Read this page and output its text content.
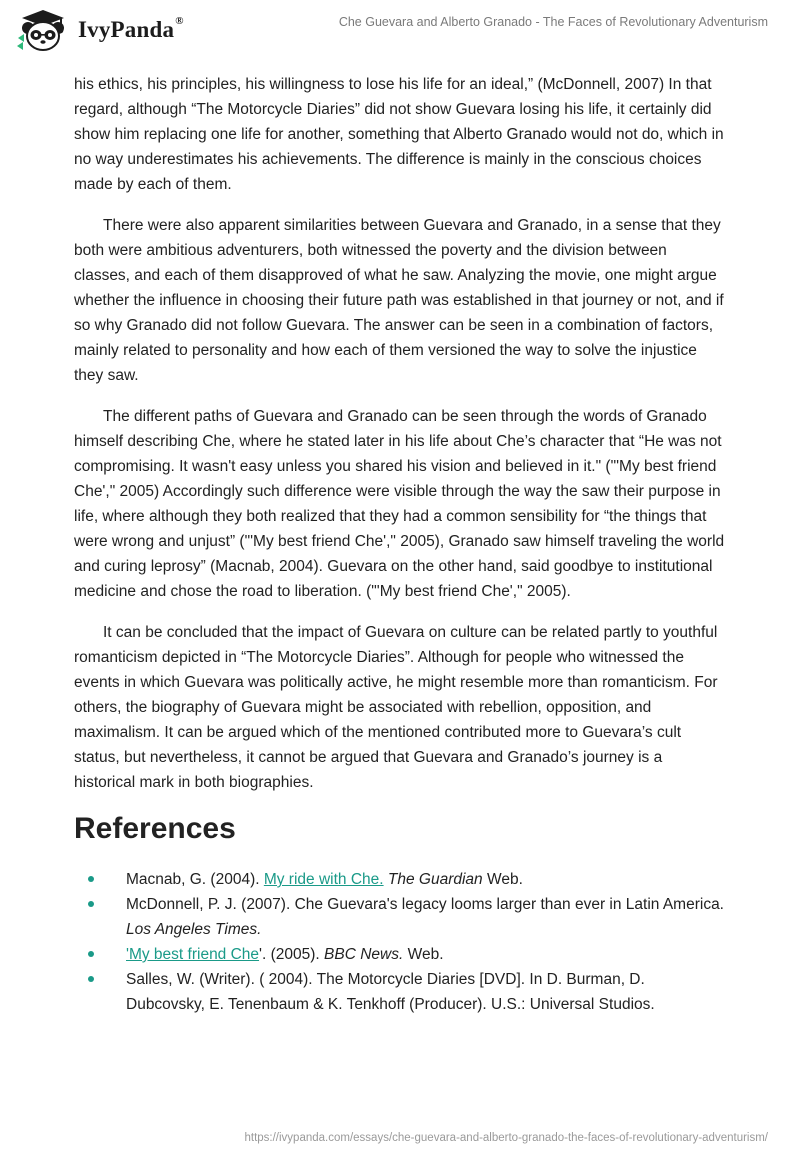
IvyPanda®	Che Guevara and Alberto Granado - The Faces of Revolutionary Adventurism

his ethics, his principles, his willingness to lose his life for an ideal,” (McDonnell, 2007) In that regard, although “The Motorcycle Diaries” did not show Guevara losing his life, it certainly did show him replacing one life for another, something that Alberto Granado would not do, which in no way underestimates his achievements. The difference is mainly in the conscious choices made by each of them.

There were also apparent similarities between Guevara and Granado, in a sense that they both were ambitious adventurers, both witnessed the poverty and the division between classes, and each of them disapproved of what he saw. Analyzing the movie, one might argue whether the influence in choosing their future path was established in that journey or not, and if so why Granado did not follow Guevara. The answer can be seen in a combination of factors, mainly related to personality and how each of them versioned the way to solve the injustice they saw.

The different paths of Guevara and Granado can be seen through the words of Granado himself describing Che, where he stated later in his life about Che’s character that “He was not compromising. It wasn't easy unless you shared his vision and believed in it." ("'My best friend Che'," 2005) Accordingly such difference were visible through the way the saw their purpose in life, where although they both realized that they had a common sensibility for “the things that were wrong and unjust” ("'My best friend Che'," 2005), Granado saw himself traveling the world and curing leprosy” (Macnab, 2004). Guevara on the other hand, said goodbye to institutional medicine and chose the road to liberation. ("'My best friend Che'," 2005).

It can be concluded that the impact of Guevara on culture can be related partly to youthful romanticism depicted in “The Motorcycle Diaries”. Although for people who witnessed the events in which Guevara was politically active, he might resemble more than romanticism. For others, the biography of Guevara might be associated with rebellion, opposition, and maximalism. It can be argued which of the mentioned contributed more to Guevara’s cult status, but nevertheless, it cannot be argued that Guevara and Granado’s journey is a historical mark in both biographies.

References
Macnab, G. (2004). My ride with Che. The Guardian Web.
McDonnell, P. J. (2007). Che Guevara's legacy looms larger than ever in Latin America. Los Angeles Times.
'My best friend Che'. (2005). BBC News. Web.
Salles, W. (Writer). ( 2004). The Motorcycle Diaries [DVD]. In D. Burman, D. Dubcovsky, E. Tenenbaum & K. Tenkhoff (Producer). U.S.: Universal Studios.
https://ivypanda.com/essays/che-guevara-and-alberto-granado-the-faces-of-revolutionary-adventurism/
